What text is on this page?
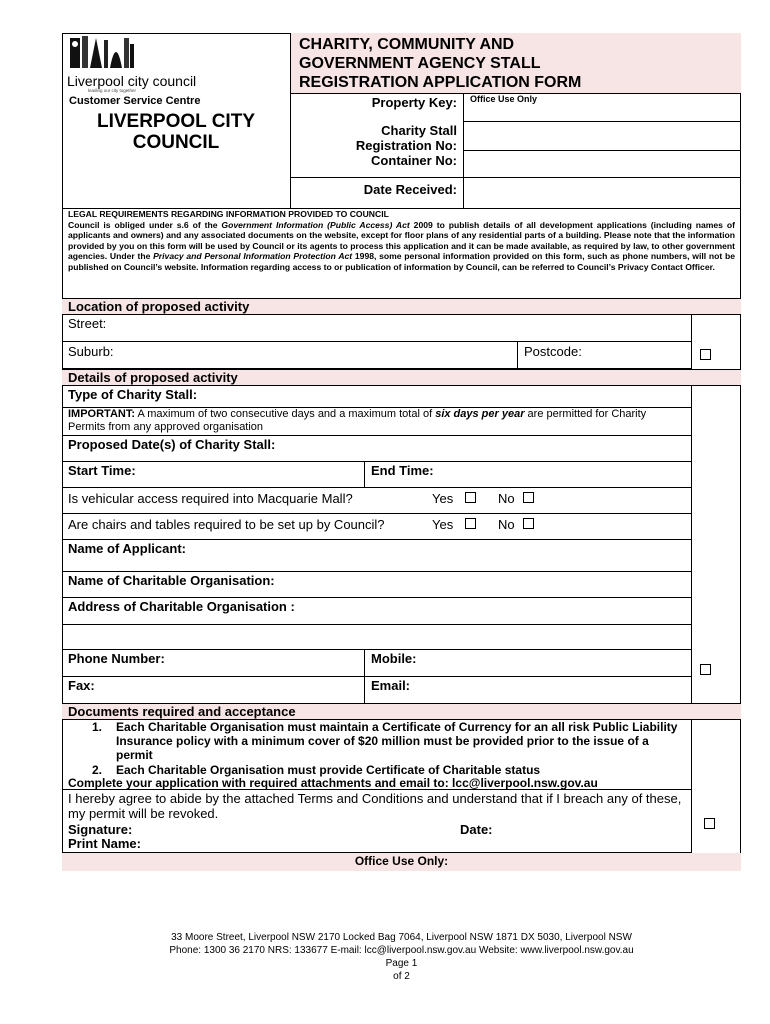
Liverpool city council
leading our city together
Customer Service Centre
LIVERPOOL CITY
COUNCIL
CHARITY, COMMUNITY AND
GOVERNMENT AGENCY STALL
REGISTRATION APPLICATION FORM
Property Key: Office Use Only
Charity Stall
Registration No:
Container No:
Date Received:

LEGAL REQUIREMENTS REGARDING INFORMATION PROVIDED TO COUNCIL

Council is obliged under s.6 of the Government Information (Public Access) Act 2009 to publish details of all development applications (including names of applicants and owners) and any associated documents on the website, except for floor plans of any residential parts of a building. Please note that the information provided by you on this form will be used by Council or its agents to process this application and it can be made available, as required by law, to other government agencies. Under the Privacy and Personal Information Protection Act 1998, some personal information provided on this form, such as phone numbers, will not be published on Council’s website. Information regarding access to or publication of information by Council, can be referred to Council’s Privacy Contact Officer.

Location of proposed activity
Street:
Suburb:	Postcode:
Details of proposed activity
Type of Charity Stall:
IMPORTANT: A maximum of two consecutive days and a maximum total of six days per year are permitted for Charity Permits from any approved organisation
Proposed Date(s) of Charity Stall:
Start Time:	End Time:
Is vehicular access required into Macquarie Mall?	Yes	No
Are chairs and tables required to be set up by Council?	Yes	No
Name of Applicant:
Name of Charitable Organisation:
Address of Charitable Organisation :
Phone Number:	Mobile:
Fax:	Email:
Documents required and acceptance
1. Each Charitable Organisation must maintain a Certificate of Currency for an all risk Public Liability Insurance policy with a minimum cover of $20 million must be provided prior to the issue of a permit
2. Each Charitable Organisation must provide Certificate of Charitable status
Complete your application with required attachments and email to: lcc@liverpool.nsw.gov.au
I hereby agree to abide by the attached Terms and Conditions and understand that if I breach any of these, my permit will be revoked.
Signature:	Date:
Print Name:
Office Use Only:
33 Moore Street, Liverpool NSW 2170 Locked Bag 7064, Liverpool NSW 1871 DX 5030, Liverpool NSW
Phone: 1300 36 2170 NRS: 133677 E-mail: lcc@liverpool.nsw.gov.au Website: www.liverpool.nsw.gov.au
Page 1
of 2
